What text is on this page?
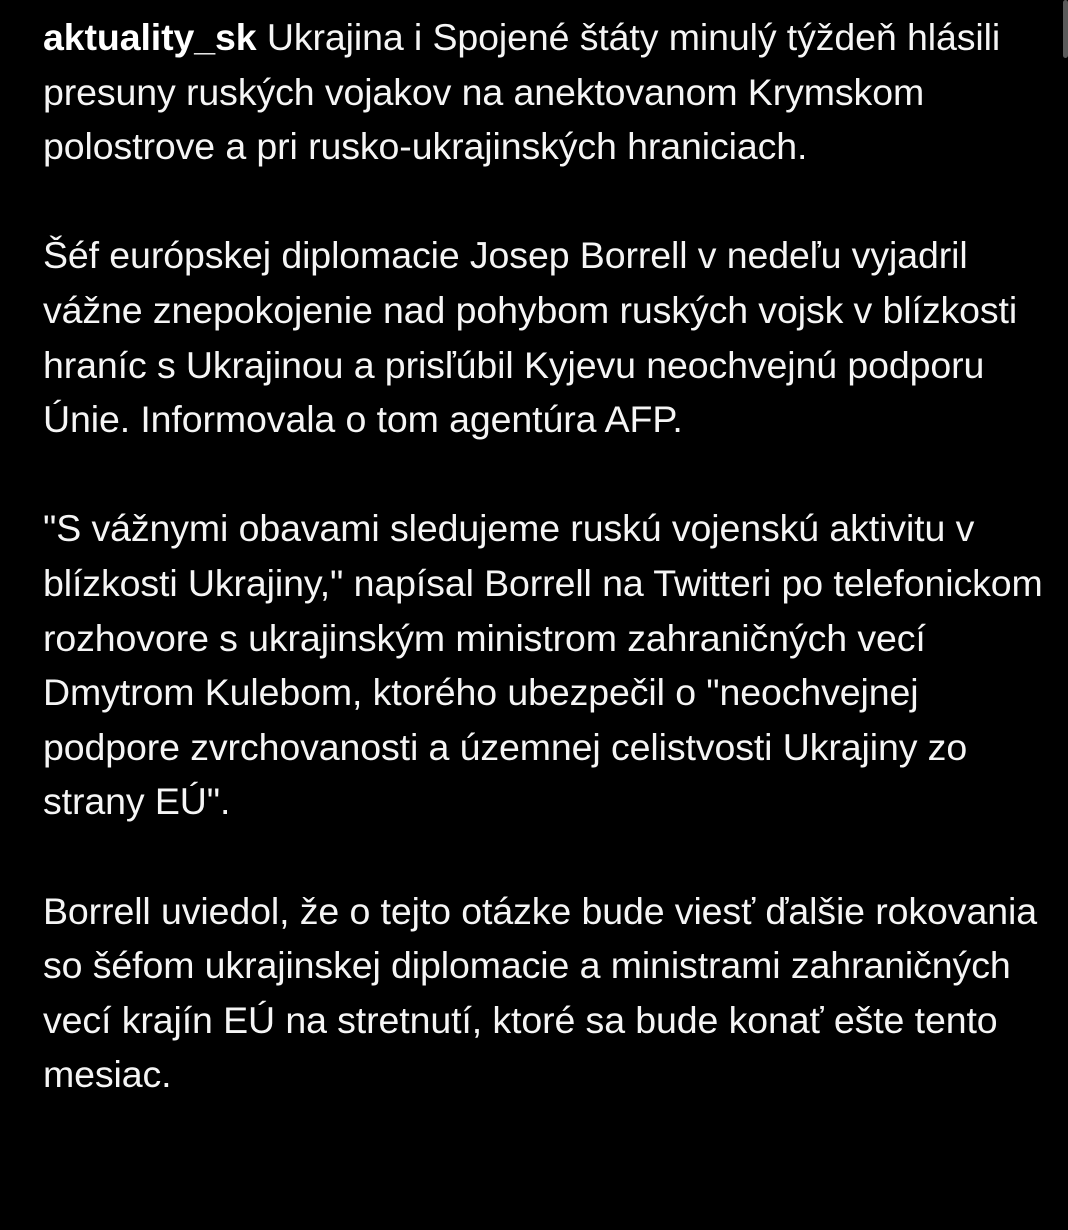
aktuality_sk Ukrajina i Spojené štáty minulý týždeň hlásili presuny ruských vojakov na anektovanom Krymskom polostrove a pri rusko-ukrajinských hraniciach.

Šéf európskej diplomacie Josep Borrell v nedeľu vyjadril vážne znepokojenie nad pohybom ruských vojsk v blízkosti hraníc s Ukrajinou a prisľúbil Kyjevu neochvejnú podporu Únie. Informovala o tom agentúra AFP.

"S vážnymi obavami sledujeme ruskú vojenskú aktivitu v blízkosti Ukrajiny," napísal Borrell na Twitteri po telefonickom rozhovore s ukrajinským ministrom zahraničných vecí Dmytrom Kulebom, ktorého ubezpečil o "neochvejnej podpore zvrchovanosti a územnej celistvosti Ukrajiny zo strany EÚ".

Borrell uviedol, že o tejto otázke bude viesť ďalšie rokovania so šéfom ukrajinskej diplomacie a ministrami zahraničných vecí krajín EÚ na stretnutí, ktoré sa bude konať ešte tento mesiac.
